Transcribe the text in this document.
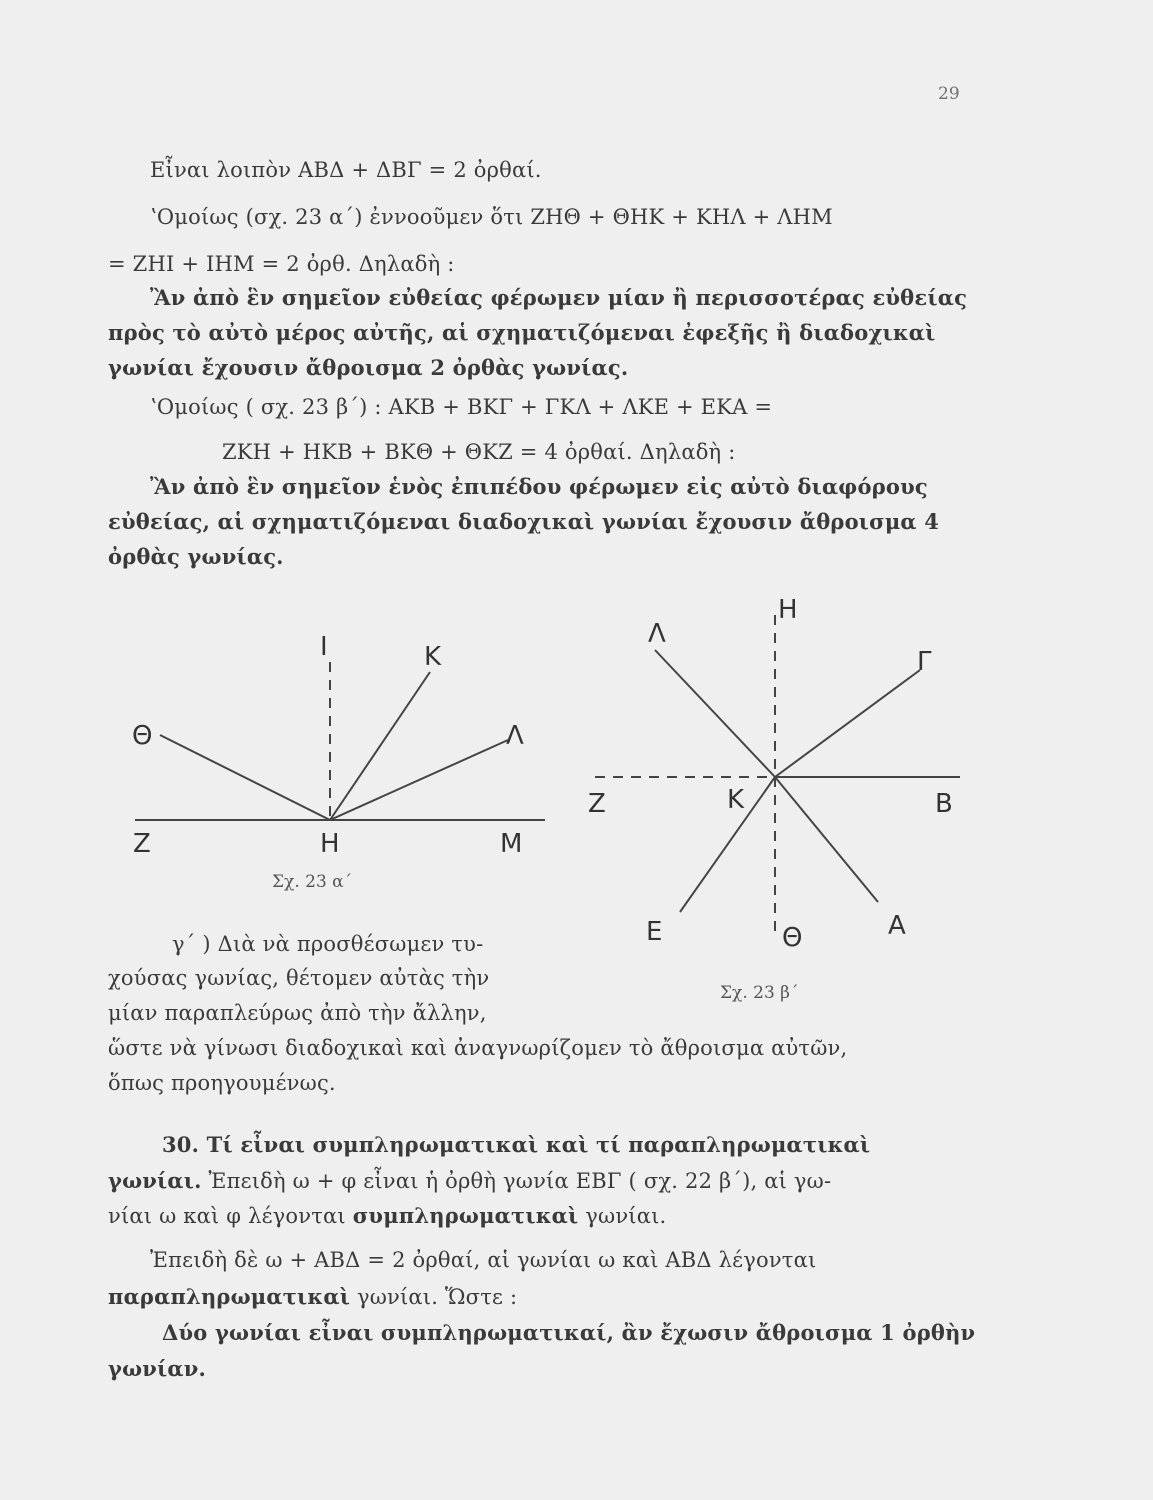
29
Εἶναι λοιπὸν ΑΒΔ + ΔΒΓ = 2 ὀρθαί.
ʽΟμοίως (σχ. 23 α΄) ἐννοοῦμεν ὅτι ΖΗΘ + ΘΗΚ + ΚΗΛ + ΛΗΜ
= ΖΗΙ + ΙΗΜ = 2 ὀρθ. Δηλαδὴ :
Ἂν ἀπὸ ἓν σημεῖον εὐθείας φέρωμεν μίαν ἢ περισσοτέρας εὐθείας
πρὸς τὸ αὐτὸ μέρος αὐτῆς, αἱ σχηματιζόμεναι ἐφεξῆς ἢ διαδοχικαὶ
γωνίαι ἔχουσιν ἄθροισμα 2 ὀρθὰς γωνίας.
ʽΟμοίως ( σχ. 23 β΄) : ΑΚΒ + ΒΚΓ + ΓΚΛ + ΛΚΕ + ΕΚΑ =
ΖΚΗ + ΗΚΒ + ΒΚΘ + ΘΚΖ = 4 ὀρθαί. Δηλαδὴ :
Ἂν ἀπὸ ἓν σημεῖον ἑνὸς ἐπιπέδου φέρωμεν εἰς αὐτὸ διαφόρους
εὐθείας, αἱ σχηματιζόμεναι διαδοχικαὶ γωνίαι ἔχουσιν ἄθροισμα 4
ὀρθὰς γωνίας.
I	Κ
Θ	Λ
Ζ	Η	Μ
Σχ. 23 α΄
Η
Λ
Γ
Ζ	Κ	Β
Ε	Θ	Α
Σχ. 23 β΄
γ΄ ) Διὰ νὰ προσθέσωμεν τυ-
χούσας γωνίας, θέτομεν αὐτὰς τὴν
μίαν παραπλεύρως ἀπὸ τὴν ἄλλην,
ὥστε νὰ γίνωσι διαδοχικαὶ καὶ ἀναγνωρίζομεν τὸ ἄθροισμα αὐτῶν,
ὅπως προηγουμένως.
30. Τί εἶναι συμπληρωματικαὶ καὶ τί παραπληρωματικαὶ
γωνίαι. Ἐπειδὴ ω + φ εἶναι ἡ ὀρθὴ γωνία ΕΒΓ ( σχ. 22 β΄), αἱ γω-
νίαι ω καὶ φ λέγονται συμπληρωματικαὶ γωνίαι.
Ἐπειδὴ δὲ ω + ΑΒΔ = 2 ὀρθαί, αἱ γωνίαι ω καὶ ΑΒΔ λέγονται
παραπληρωματικαὶ γωνίαι. Ὥστε :
Δύο γωνίαι εἶναι συμπληρωματικαί, ἂν ἔχωσιν ἄθροισμα 1 ὀρθὴν
γωνίαν.
